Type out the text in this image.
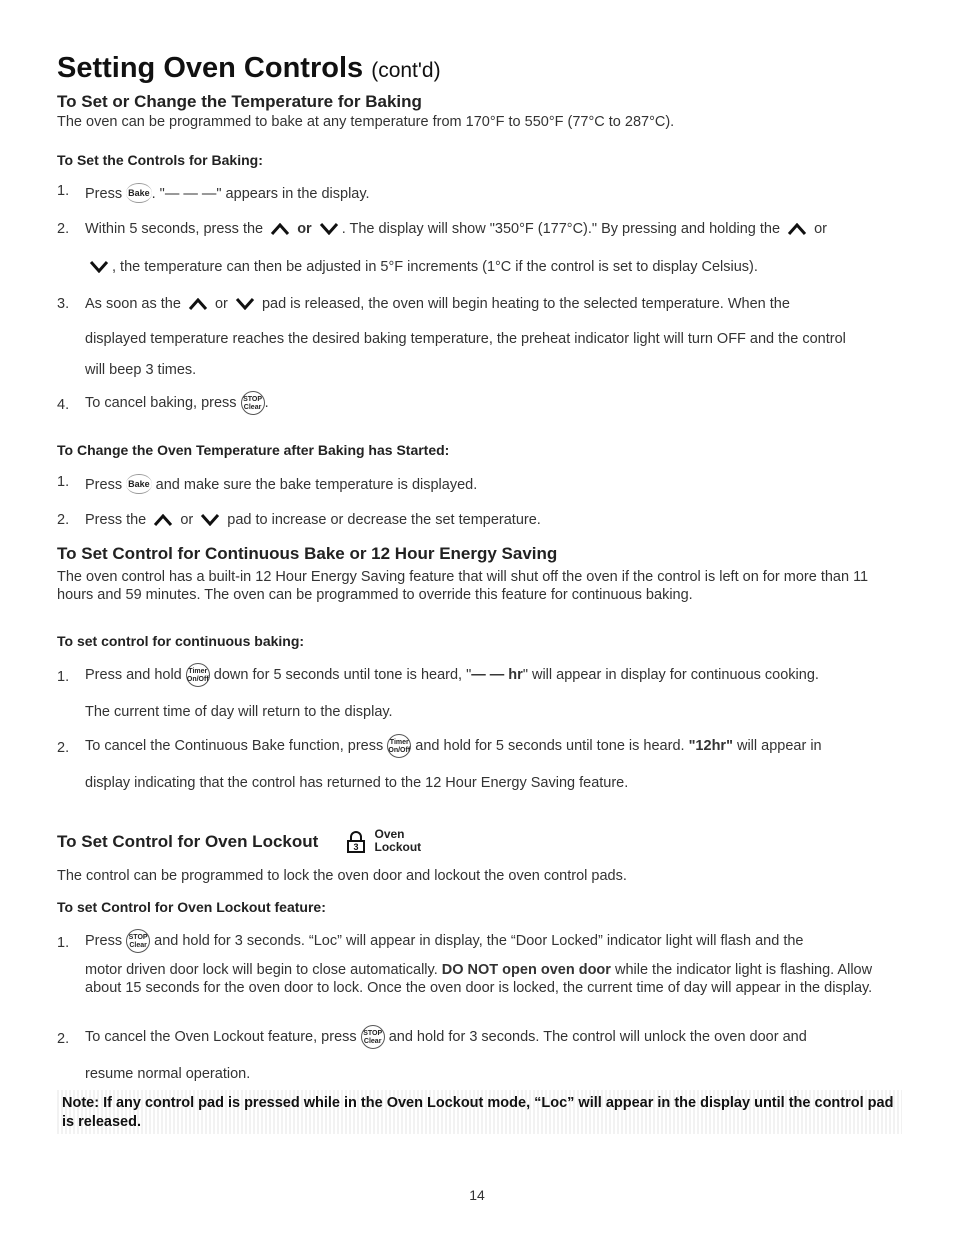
Setting Oven Controls (cont'd)
To Set or Change the Temperature for Baking
The oven can be programmed to bake at any temperature from 170°F to 550°F (77°C to 287°C).
To Set the Controls for Baking:
1. Press Bake . "— — —" appears in the display.
2. Within 5 seconds, press the or . The display will show "350°F (177°C)." By pressing and holding the or
, the temperature can then be adjusted in 5°F increments (1°C if the control is set to display Celsius).
3. As soon as the or pad is released, the oven will begin heating to the selected temperature. When the
displayed temperature reaches the desired baking temperature, the preheat indicator light will turn OFF and the control
will beep 3 times.
4. To cancel baking, press STOP
Clear .
To Change the Oven Temperature after Baking has Started:
1. Press Bake and make sure the bake temperature is displayed.
2. Press the or pad to increase or decrease the set temperature.
To Set Control for Continuous Bake or 12 Hour Energy Saving
The oven control has a built-in 12 Hour Energy Saving feature that will shut off the oven if the control is left on for more than 11 hours and 59 minutes. The oven can be programmed to override this feature for continuous baking.
To set control for continuous baking:
1. Press and hold Timer
On/Off down for 5 seconds until tone is heard, "— — hr" will appear in display for continuous cooking.
The current time of day will return to the display.
2. To cancel the Continuous Bake function, press Timer
On/Off and hold for 5 seconds until tone is heard. "12hr" will appear in
display indicating that the control has returned to the 12 Hour Energy Saving feature.
To Set Control for Oven Lockout	3
Oven
Lockout
The control can be programmed to lock the oven door and lockout the oven control pads.
To set Control for Oven Lockout feature:
1. Press STOP
Clear and hold for 3 seconds. “Loc” will appear in display, the “Door Locked” indicator light will flash and the
motor driven door lock will begin to close automatically. DO NOT open oven door while the indicator light is flashing. Allow about 15 seconds for the oven door to lock. Once the oven door is locked, the current time of day will appear in the display.
2. To cancel the Oven Lockout feature, press STOP
Clear and hold for 3 seconds. The control will unlock the oven door and
resume normal operation.
Note: If any control pad is pressed while in the Oven Lockout mode, “Loc” will appear in the display until the control pad is released.
14
